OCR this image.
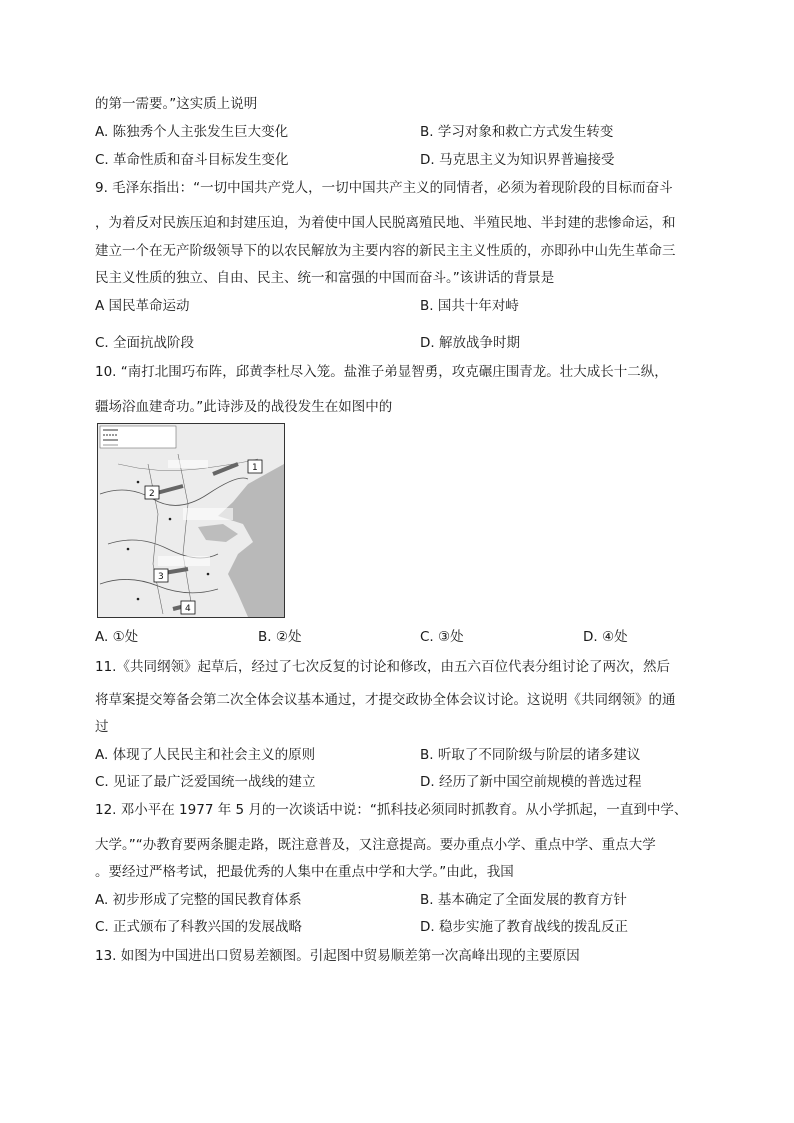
的第一需要。”这实质上说明
A. 陈独秀个人主张发生巨大变化	B. 学习对象和救亡方式发生转变
C. 革命性质和奋斗目标发生变化	D. 马克思主义为知识界普遍接受
9. 毛泽东指出：“一切中国共产党人，一切中国共产主义的同情者，必须为着现阶段的目标而奋斗
，为着反对民族压迫和封建压迫，为着使中国人民脱离殖民地、半殖民地、半封建的悲惨命运，和
建立一个在无产阶级领导下的以农民解放为主要内容的新民主主义性质的，亦即孙中山先生革命三
民主义性质的独立、自由、民主、统一和富强的中国而奋斗。”该讲话的背景是
A 国民革命运动	B. 国共十年对峙
C. 全面抗战阶段	D. 解放战争时期
10. “南打北围巧布阵，邱黄李杜尽入笼。盐淮子弟显智勇，攻克碾庄围青龙。壮大成长十二纵，
疆场浴血建奇功。”此诗涉及的战役发生在如图中的
1
2
3
4
A. ①处	B. ②处	C. ③处	D. ④处
11.《共同纲领》起草后，经过了七次反复的讨论和修改，由五六百位代表分组讨论了两次，然后
将草案提交筹备会第二次全体会议基本通过，才提交政协全体会议讨论。这说明《共同纲领》的通
过
A. 体现了人民民主和社会主义的原则	B. 听取了不同阶级与阶层的诸多建议
C. 见证了最广泛爱国统一战线的建立	D. 经历了新中国空前规模的普选过程
12. 邓小平在 1977 年 5 月的一次谈话中说：“抓科技必须同时抓教育。从小学抓起，一直到中学、
大学。”“办教育要两条腿走路，既注意普及，又注意提高。要办重点小学、重点中学、重点大学
。要经过严格考试，把最优秀的人集中在重点中学和大学。”由此，我国
A. 初步形成了完整的国民教育体系	B. 基本确定了全面发展的教育方针
C. 正式颁布了科教兴国的发展战略	D. 稳步实施了教育战线的拨乱反正
13. 如图为中国进出口贸易差额图。引起图中贸易顺差第一次高峰出现的主要原因
